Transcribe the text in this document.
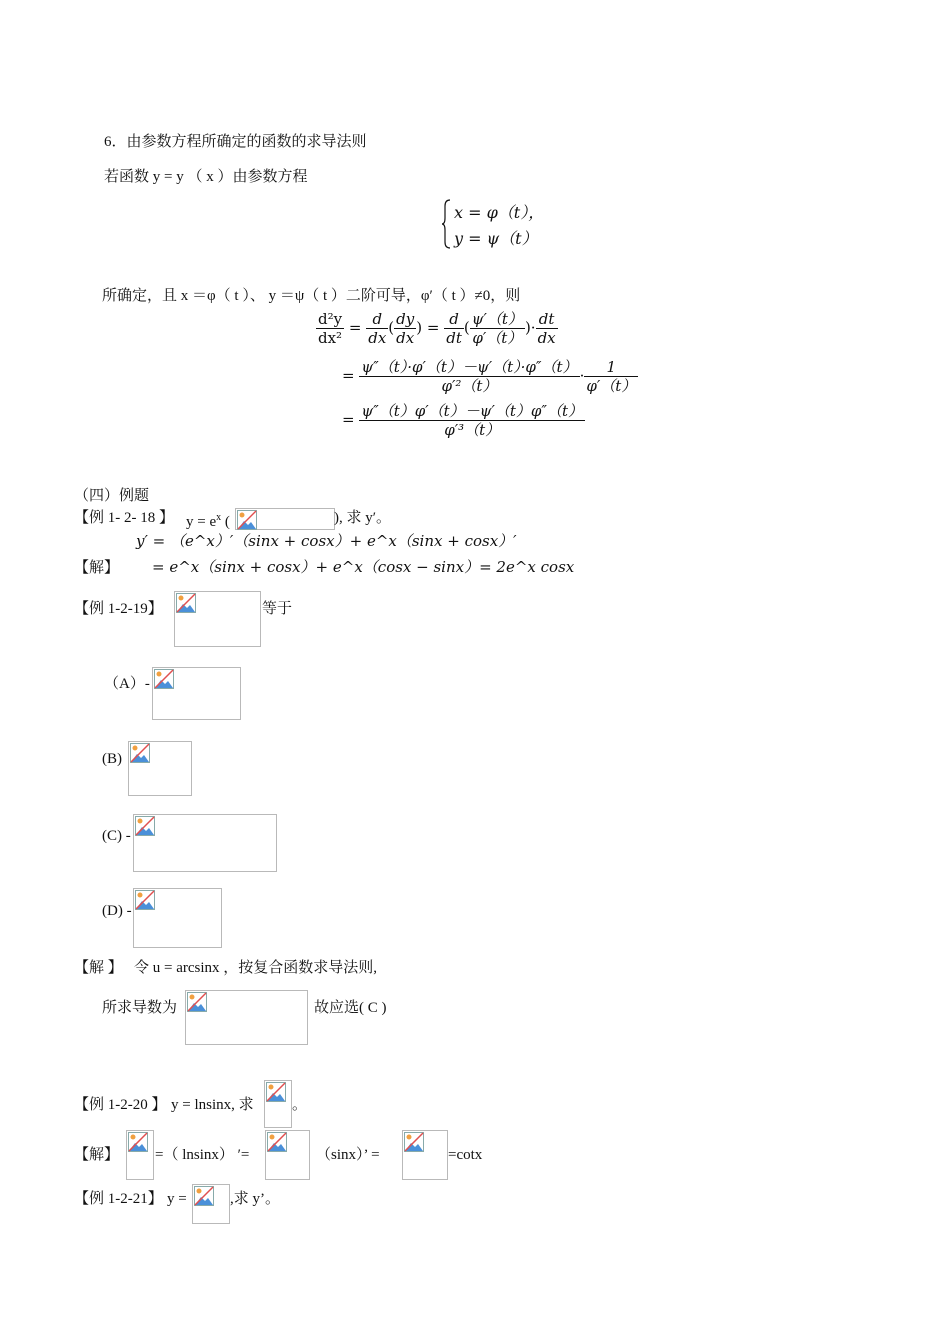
6．由参数方程所确定的函数的求导法则
若函数 y = y （ x ）由参数方程
x = φ（t），
y = ψ（t）
所确定，且 x ＝φ（ t ）、 y ＝ψ（ t ）二阶可导，φ′（ t ）≠0，则
$\frac{\text{d²y}}{\text{dx²}} = \frac{d}{dx}$ ( $\frac{dy}{dx}$ ) = $\frac{d}{dt}$ ( $\frac{\psi'(t)}{\varphi'(t)}$ )· $\frac{dt}{dx}$
= $\frac{\psi''(t)\cdot\varphi'(t)-\psi'(t)\cdot\varphi''(t)}{\text{φ′²（t）}} \cdot \frac{1}{\varphi'(t)}$
= $\frac{\psi''(t)\varphi'(t)-\psi'(t)\varphi''(t)}{\text{φ′³（t）}}$
（四）例题
【例 1- 2- 18 】 $y = e^x$ (	), 求 y′。
y′ = （e^x）′（sinx + cosx）+ e^x（sinx + cosx）′
【解】 = e^x（sinx + cosx）+ e^x（cosx − sinx）= 2e^x cosx
【例 1-2-19】	等于
（A）-
(B)
(C) -
(D) -
【解 】 令 u = arcsinx ，按复合函数求导法则,
所求导数为	故应选( C )
【例 1-2-20 】 y = lnsinx, 求	。
【解】 =（ lnsinx） ′=	（sinx）’ =	=cotx
【例 1-2-21】 y =	,求 y’。
